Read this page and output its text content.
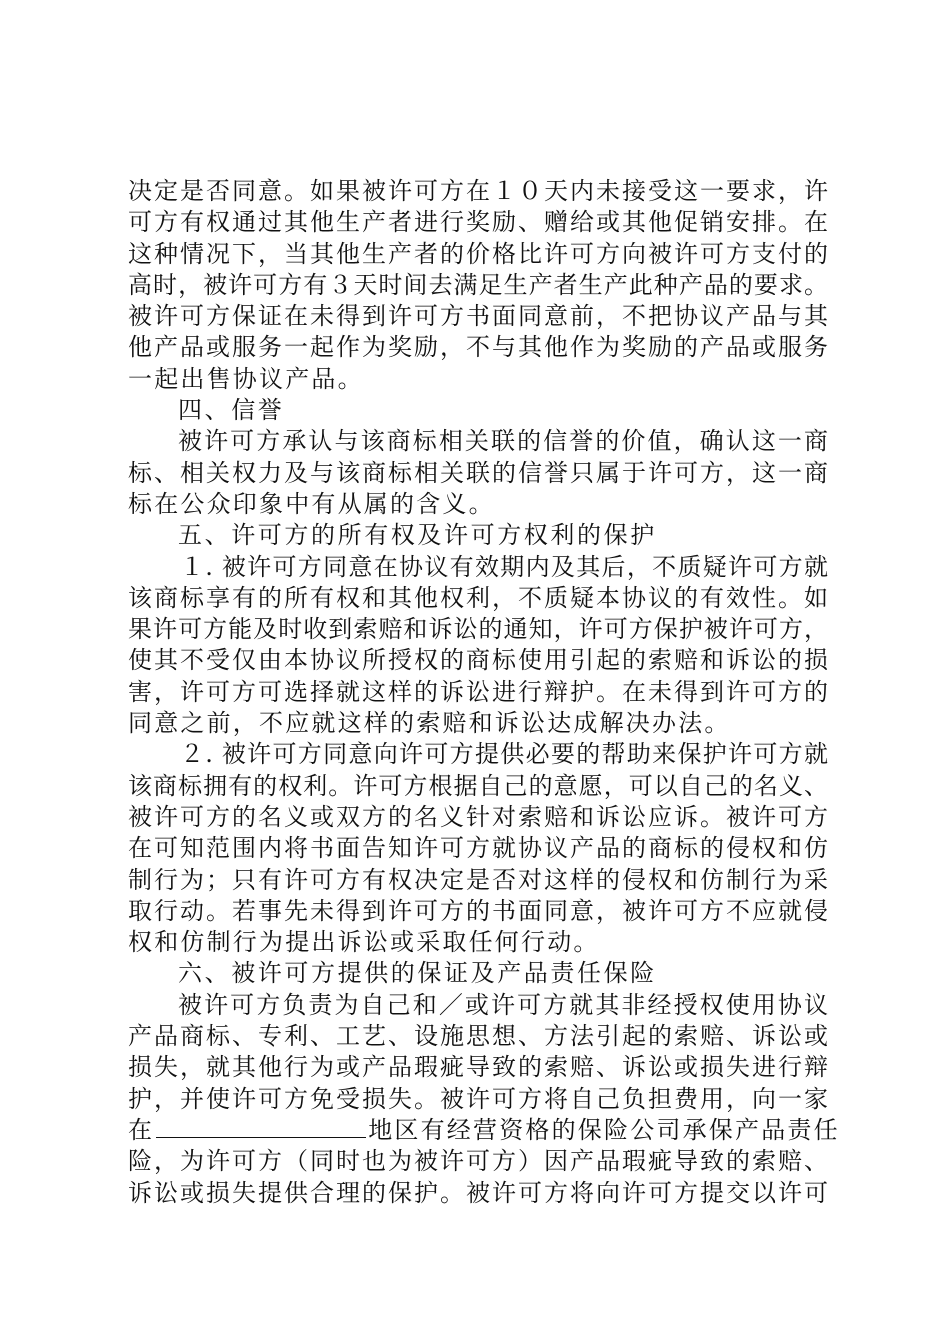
决定是否同意。如果被许可方在１０天内未接受这一要求，许
可方有权通过其他生产者进行奖励、赠给或其他促销安排。在
这种情况下，当其他生产者的价格比许可方向被许可方支付的
高时，被许可方有３天时间去满足生产者生产此种产品的要求。
被许可方保证在未得到许可方书面同意前，不把协议产品与其
他产品或服务一起作为奖励，不与其他作为奖励的产品或服务
一起出售协议产品。
四、信誉
被许可方承认与该商标相关联的信誉的价值，确认这一商
标、相关权力及与该商标相关联的信誉只属于许可方，这一商
标在公众印象中有从属的含义。
五、许可方的所有权及许可方权利的保护
１. 被许可方同意在协议有效期内及其后，不质疑许可方就
该商标享有的所有权和其他权利，不质疑本协议的有效性。如
果许可方能及时收到索赔和诉讼的通知，许可方保护被许可方，
使其不受仅由本协议所授权的商标使用引起的索赔和诉讼的损
害，许可方可选择就这样的诉讼进行辩护。在未得到许可方的
同意之前，不应就这样的索赔和诉讼达成解决办法。
２. 被许可方同意向许可方提供必要的帮助来保护许可方就
该商标拥有的权利。许可方根据自己的意愿，可以自己的名义、
被许可方的名义或双方的名义针对索赔和诉讼应诉。被许可方
在可知范围内将书面告知许可方就协议产品的商标的侵权和仿
制行为；只有许可方有权决定是否对这样的侵权和仿制行为采
取行动。若事先未得到许可方的书面同意，被许可方不应就侵
权和仿制行为提出诉讼或采取任何行动。
六、被许可方提供的保证及产品责任保险
被许可方负责为自己和／或许可方就其非经授权使用协议
产品商标、专利、工艺、设施思想、方法引起的索赔、诉讼或
损失，就其他行为或产品瑕疵导致的索赔、诉讼或损失进行辩
护，并使许可方免受损失。被许可方将自己负担费用，向一家
在	地区有经营资格的保险公司承保产品责任
险，为许可方（同时也为被许可方）因产品瑕疵导致的索赔、
诉讼或损失提供合理的保护。被许可方将向许可方提交以许可
